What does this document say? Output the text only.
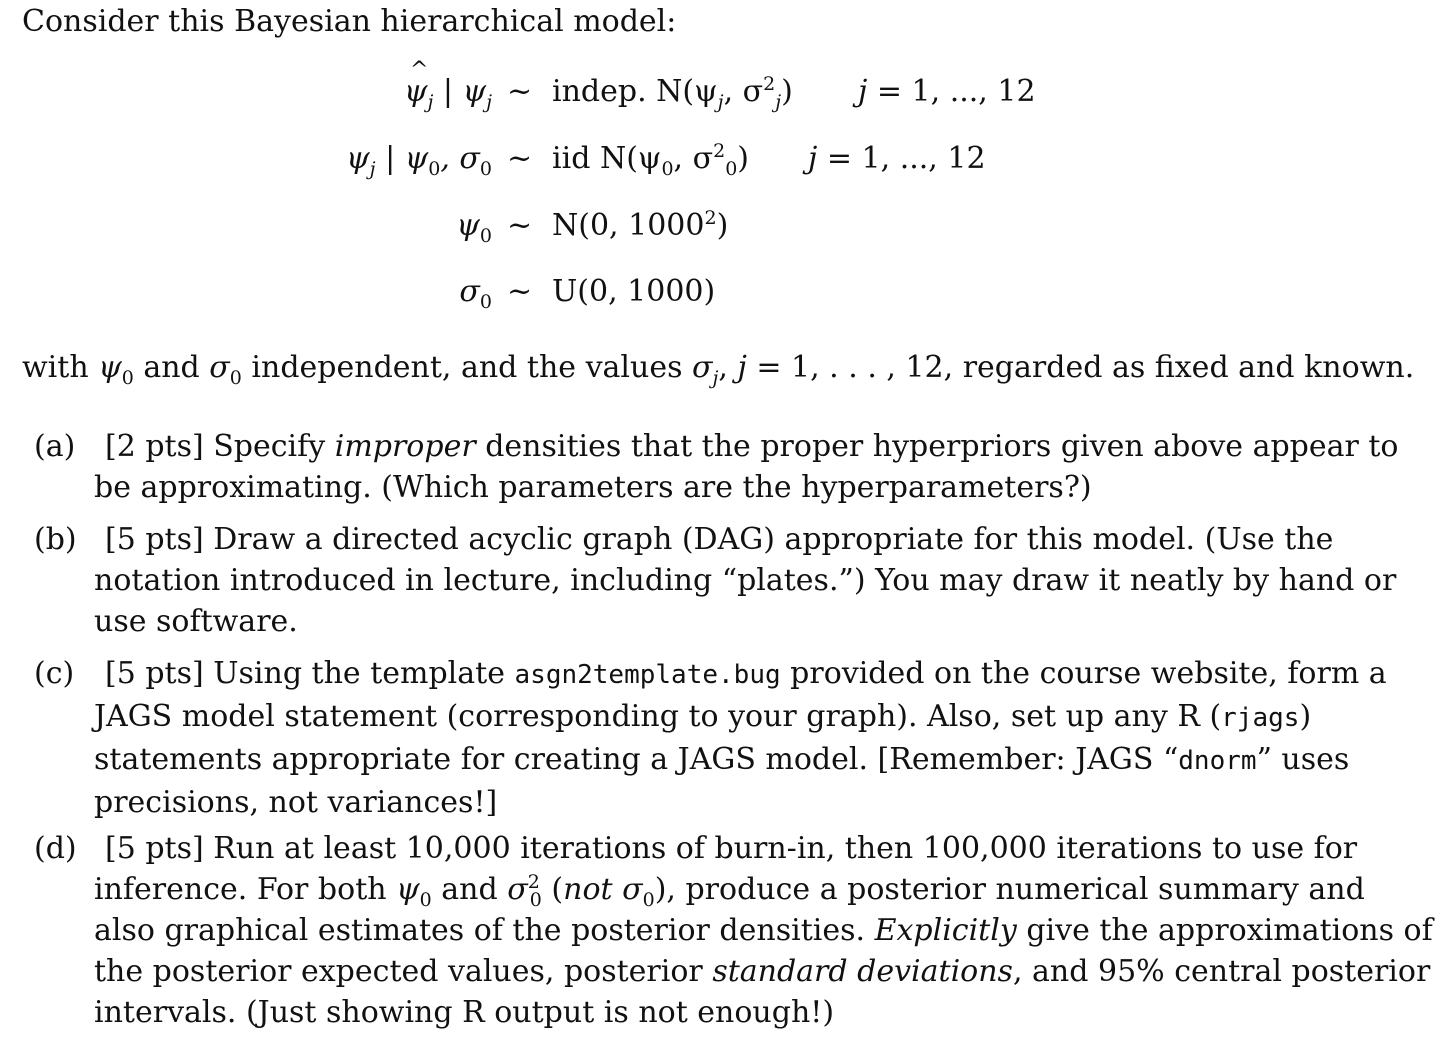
Consider this Bayesian hierarchical model:
ψ $\^{}_j$ | $\psi_j$ ~ indep. $N(\psi_j$, $\sigma^2_j$) j = 1, ..., 12
$\psi_j$ | $\psi_0$, $\sigma_0$ ~ iid $N(\psi_0$, $\sigma^2_0$) j = 1, ..., 12
$\psi_0$ ~ N(0, 1000$^2$)
$\sigma_0$ ~ U(0, 1000)
with $\psi_0$ and $\sigma_0$ independent, and the values $\sigma_j$, j = 1, . . . , 12, regarded as fixed and known.
(a) [2 pts] Specify improper densities that the proper hyperpriors given above appear to
be approximating. (Which parameters are the hyperparameters?)
(b) [5 pts] Draw a directed acyclic graph (DAG) appropriate for this model. (Use the
notation introduced in lecture, including “plates.”) You may draw it neatly by hand or
use software.
(c)	[5 pts] Using the template asgn2template.bug provided on the course website, form a
JAGS model statement (corresponding to your graph). Also, set up any R (rjags)
statements appropriate for creating a JAGS model. [Remember: JAGS “dnorm” uses
precisions, not variances!]
(d) [5 pts] Run at least 10,000 iterations of burn-in, then 100,000 iterations to use for
inference. For both $\psi_0$ and $\sigma^2_0$ (not $\sigma_0$), produce a posterior numerical summary and
also graphical estimates of the posterior densities. Explicitly give the approximations of
the posterior expected values, posterior standard deviations, and 95% central posterior
intervals. (Just showing R output is not enough!)
